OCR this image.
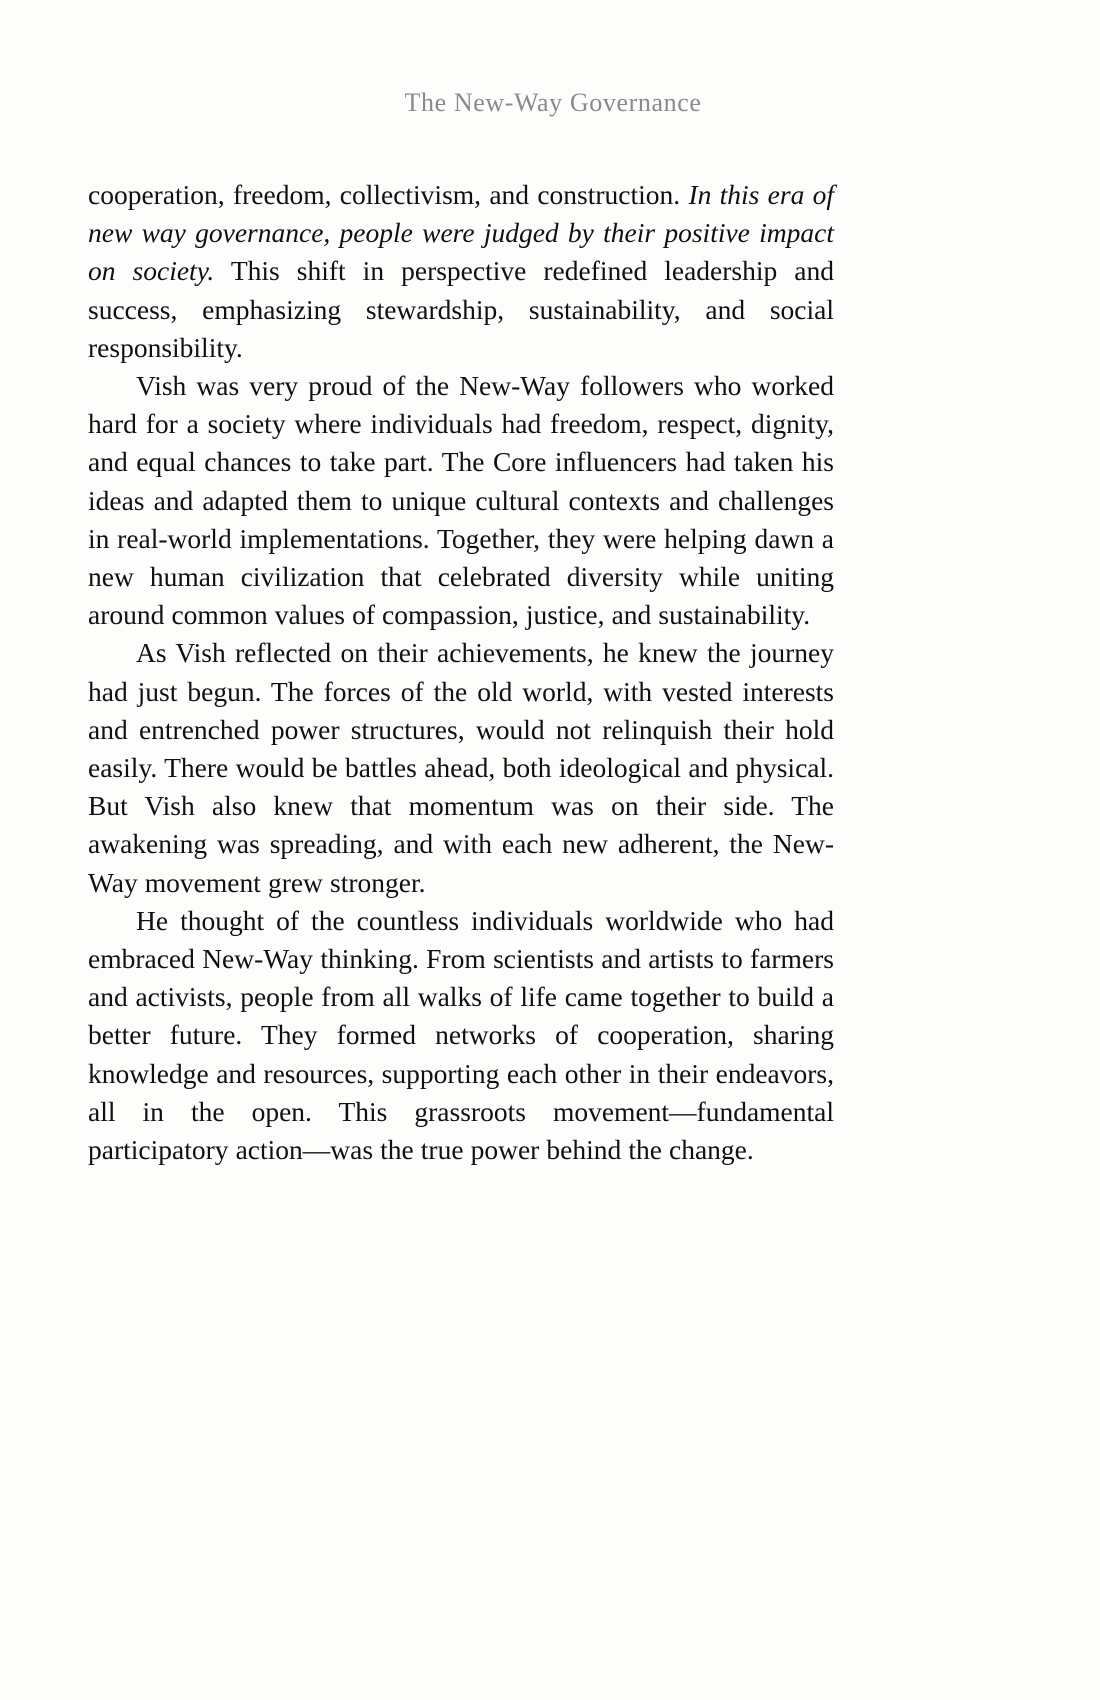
The New-Way Governance

cooperation, freedom, collectivism, and construction. In this era of new way governance, people were judged by their positive impact on society. This shift in perspective redefined leadership and success, emphasizing stewardship, sustainability, and social responsibility.

Vish was very proud of the New-Way followers who worked hard for a society where individuals had freedom, respect, dignity, and equal chances to take part. The Core influencers had taken his ideas and adapted them to unique cultural contexts and challenges in real-world implementations. Together, they were helping dawn a new human civilization that celebrated diversity while uniting around common values of compassion, justice, and sustainability.

As Vish reflected on their achievements, he knew the journey had just begun. The forces of the old world, with vested interests and entrenched power structures, would not relinquish their hold easily. There would be battles ahead, both ideological and physical. But Vish also knew that momentum was on their side. The awakening was spreading, and with each new adherent, the New-Way movement grew stronger.

He thought of the countless individuals worldwide who had embraced New-Way thinking. From scientists and artists to farmers and activists, people from all walks of life came together to build a better future. They formed networks of cooperation, sharing knowledge and resources, supporting each other in their endeavors, all in the open. This grassroots movement—fundamental participatory action—was the true power behind the change.
